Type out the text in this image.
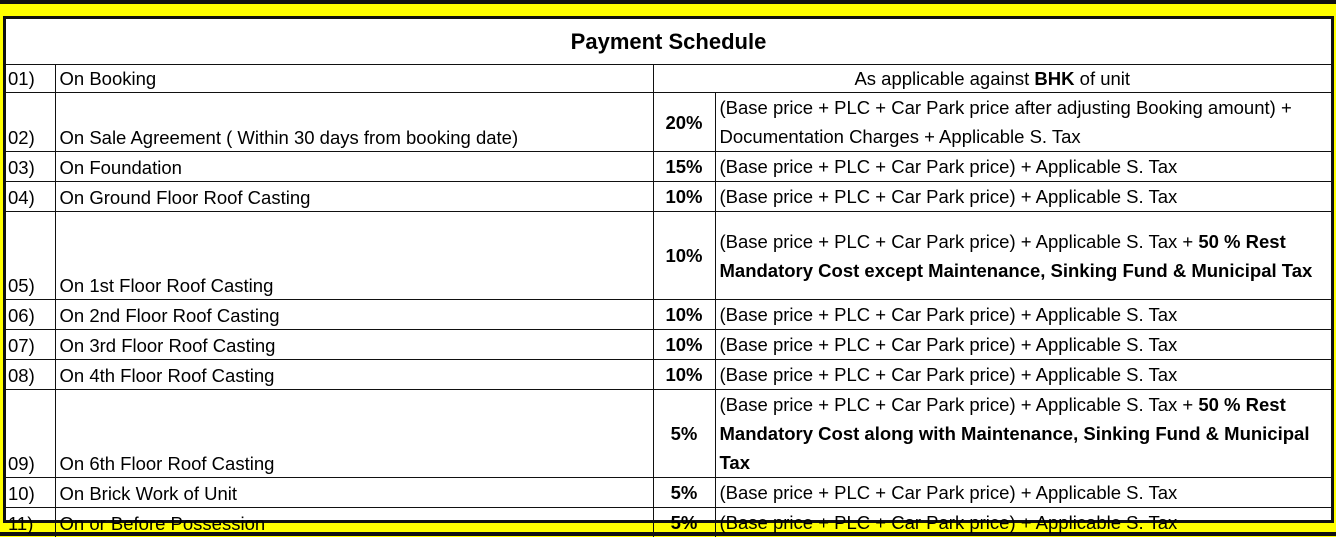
Payment Schedule			
01)	On Booking	As applicable against BHK of unit	
02)	On Sale Agreement ( Within 30 days from booking date)	20%	(Base price + PLC + Car Park price after adjusting Booking amount) + Documentation Charges + Applicable S. Tax
03)	On Foundation	15%	(Base price + PLC + Car Park price) + Applicable S. Tax
04)	On Ground Floor Roof Casting	10%	(Base price + PLC + Car Park price) + Applicable S. Tax
05)	On 1st Floor Roof Casting	10%	(Base price + PLC + Car Park price) + Applicable S. Tax + 50 % Rest Mandatory Cost except Maintenance, Sinking Fund & Municipal Tax
06)	On 2nd Floor Roof Casting	10%	(Base price + PLC + Car Park price) + Applicable S. Tax
07)	On 3rd Floor Roof Casting	10%	(Base price + PLC + Car Park price) + Applicable S. Tax
08)	On 4th Floor Roof Casting	10%	(Base price + PLC + Car Park price) + Applicable S. Tax
09)	On 6th Floor Roof Casting	5%	(Base price + PLC + Car Park price) + Applicable S. Tax + 50 % Rest Mandatory Cost along with Maintenance, Sinking Fund & Municipal Tax
10)	On Brick Work of Unit	5%	(Base price + PLC + Car Park price) + Applicable S. Tax
11)	On or Before Possession	5%	(Base price + PLC + Car Park price) + Applicable S. Tax
